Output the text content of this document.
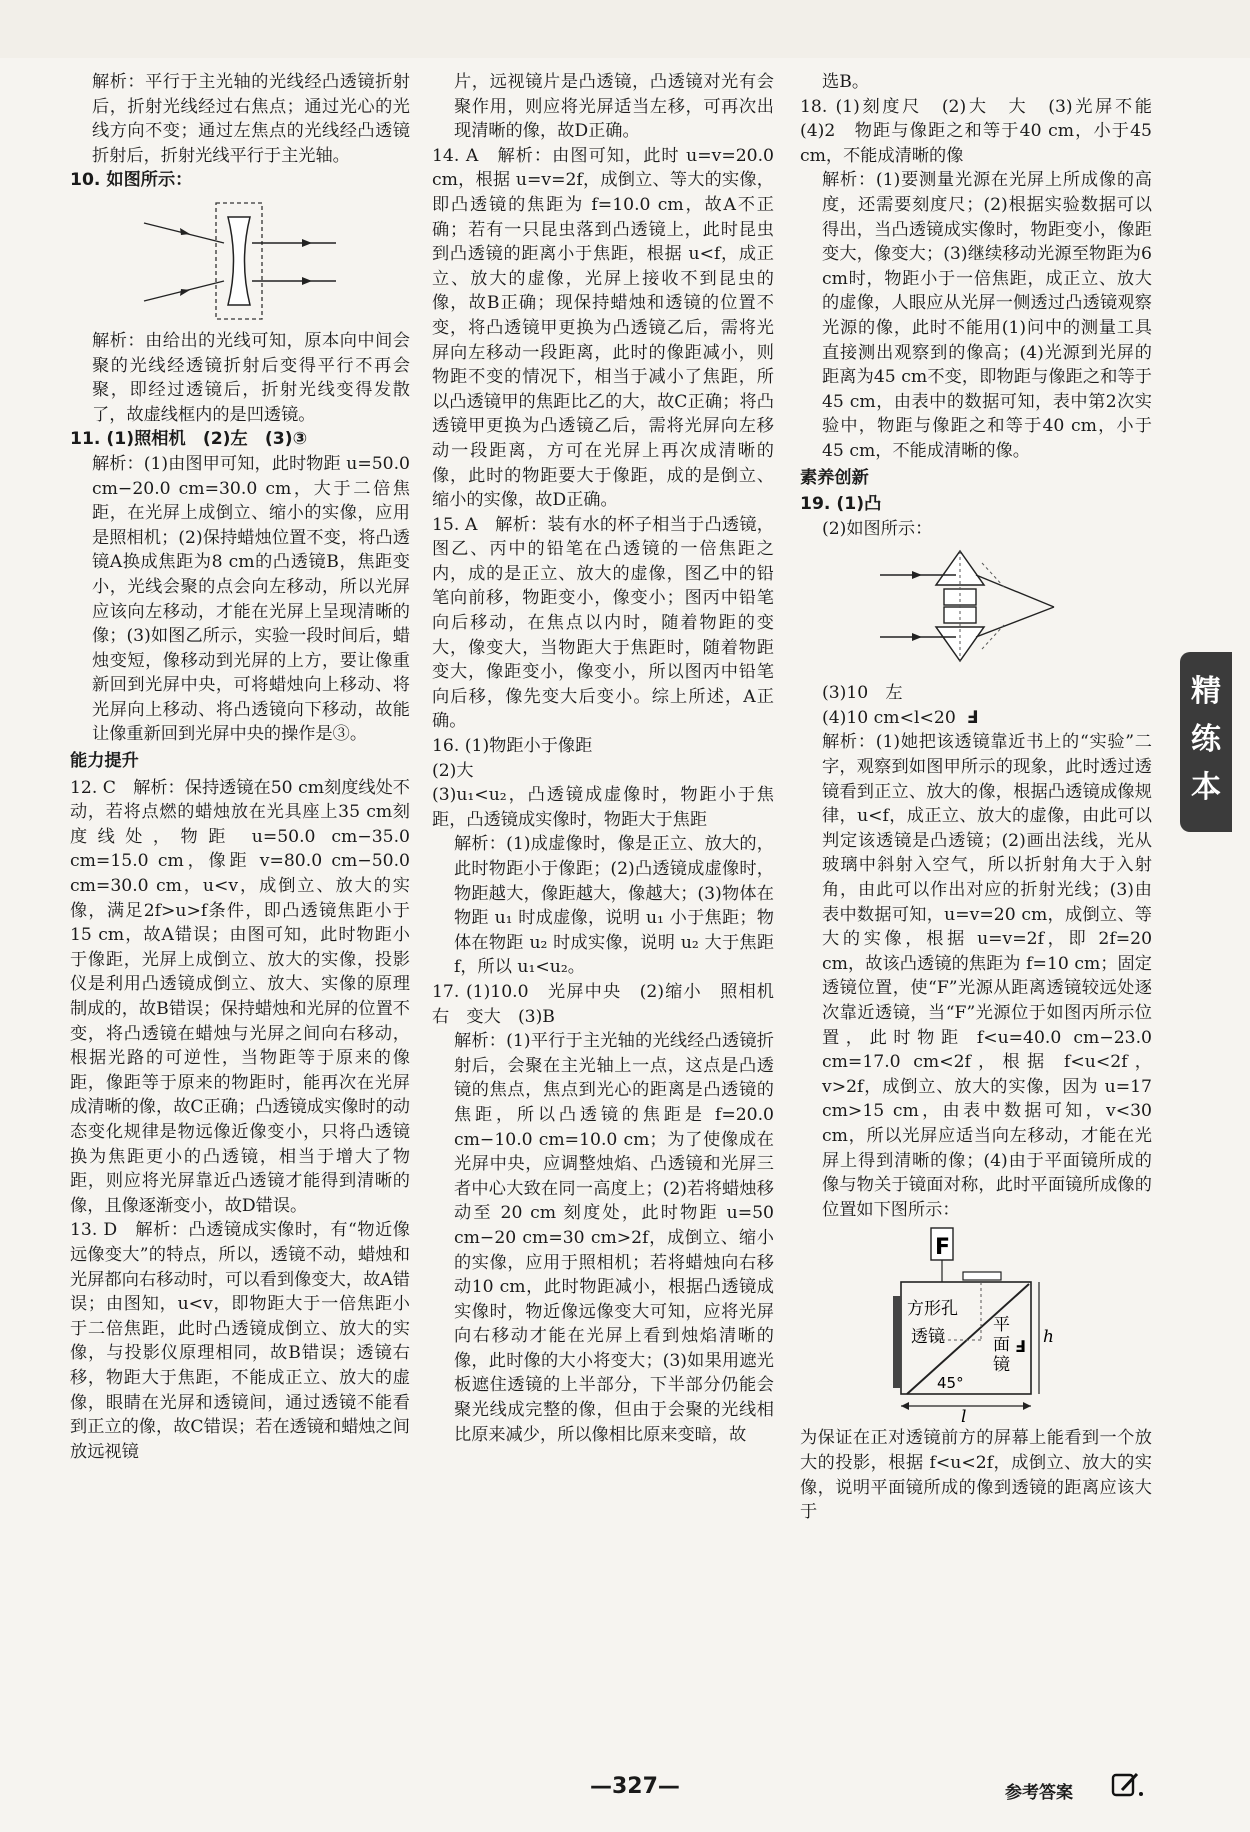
解析：平行于主光轴的光线经凸透镜折射后，折射光线经过右焦点；通过光心的光线方向不变；通过左焦点的光线经凸透镜折射后，折射光线平行于主光轴。

10. 如图所示：

解析：由给出的光线可知，原本向中间会聚的光线经透镜折射后变得平行不再会聚，即经过透镜后，折射光线变得发散了，故虚线框内的是凹透镜。

11. (1)照相机　(2)左　(3)③

解析：(1)由图甲可知，此时物距 u=50.0 cm−20.0 cm=30.0 cm，大于二倍焦距，在光屏上成倒立、缩小的实像，应用是照相机；(2)保持蜡烛位置不变，将凸透镜A换成焦距为8 cm的凸透镜B，焦距变小，光线会聚的点会向左移动，所以光屏应该向左移动，才能在光屏上呈现清晰的像；(3)如图乙所示，实验一段时间后，蜡烛变短，像移动到光屏的上方，要让像重新回到光屏中央，可将蜡烛向上移动、将光屏向上移动、将凸透镜向下移动，故能让像重新回到光屏中央的操作是③。

能力提升

12. C　解析：保持透镜在50 cm刻度线处不动，若将点燃的蜡烛放在光具座上35 cm刻度线处，物距 u=50.0 cm−35.0 cm=15.0 cm，像距 v=80.0 cm−50.0 cm=30.0 cm，u<v，成倒立、放大的实像，满足2f>u>f条件，即凸透镜焦距小于15 cm，故A错误；由图可知，此时物距小于像距，光屏上成倒立、放大的实像，投影仪是利用凸透镜成倒立、放大、实像的原理制成的，故B错误；保持蜡烛和光屏的位置不变，将凸透镜在蜡烛与光屏之间向右移动，根据光路的可逆性，当物距等于原来的像距，像距等于原来的物距时，能再次在光屏成清晰的像，故C正确；凸透镜成实像时的动态变化规律是物远像近像变小，只将凸透镜换为焦距更小的凸透镜，相当于增大了物距，则应将光屏靠近凸透镜才能得到清晰的像，且像逐渐变小，故D错误。

13. D　解析：凸透镜成实像时，有“物近像远像变大”的特点，所以，透镜不动，蜡烛和光屏都向右移动时，可以看到像变大，故A错误；由图知，u<v，即物距大于一倍焦距小于二倍焦距，此时凸透镜成倒立、放大的实像，与投影仪原理相同，故B错误；透镜右移，物距大于焦距，不能成正立、放大的虚像，眼睛在光屏和透镜间，通过透镜不能看到正立的像，故C错误；若在透镜和蜡烛之间放远视镜

片，远视镜片是凸透镜，凸透镜对光有会聚作用，则应将光屏适当左移，可再次出现清晰的像，故D正确。

14. A　解析：由图可知，此时 u=v=20.0 cm，根据 u=v=2f，成倒立、等大的实像，即凸透镜的焦距为 f=10.0 cm，故A不正确；若有一只昆虫落到凸透镜上，此时昆虫到凸透镜的距离小于焦距，根据 u<f，成正立、放大的虚像，光屏上接收不到昆虫的像，故B正确；现保持蜡烛和透镜的位置不变，将凸透镜甲更换为凸透镜乙后，需将光屏向左移动一段距离，此时的像距减小，则物距不变的情况下，相当于减小了焦距，所以凸透镜甲的焦距比乙的大，故C正确；将凸透镜甲更换为凸透镜乙后，需将光屏向左移动一段距离，方可在光屏上再次成清晰的像，此时的物距要大于像距，成的是倒立、缩小的实像，故D正确。

15. A　解析：装有水的杯子相当于凸透镜，图乙、丙中的铅笔在凸透镜的一倍焦距之内，成的是正立、放大的虚像，图乙中的铅笔向前移，物距变小，像变小；图丙中铅笔向后移动，在焦点以内时，随着物距的变大，像变大，当物距大于焦距时，随着物距变大，像距变小，像变小，所以图丙中铅笔向后移，像先变大后变小。综上所述，A正确。

16. (1)物距小于像距
(2)大
(3)u₁<u₂，凸透镜成虚像时，物距小于焦距，凸透镜成实像时，物距大于焦距

解析：(1)成虚像时，像是正立、放大的，此时物距小于像距；(2)凸透镜成虚像时，物距越大，像距越大，像越大；(3)物体在物距 u₁ 时成虚像，说明 u₁ 小于焦距；物体在物距 u₂ 时成实像，说明 u₂ 大于焦距 f，所以 u₁<u₂。

17. (1)10.0　光屏中央　(2)缩小　照相机　右　变大　(3)B

解析：(1)平行于主光轴的光线经凸透镜折射后，会聚在主光轴上一点，这点是凸透镜的焦点，焦点到光心的距离是凸透镜的焦距，所以凸透镜的焦距是 f=20.0 cm−10.0 cm=10.0 cm；为了使像成在光屏中央，应调整烛焰、凸透镜和光屏三者中心大致在同一高度上；(2)若将蜡烛移动至 20 cm 刻度处，此时物距 u=50 cm−20 cm=30 cm>2f，成倒立、缩小的实像，应用于照相机；若将蜡烛向右移动10 cm，此时物距减小，根据凸透镜成实像时，物近像远像变大可知，应将光屏向右移动才能在光屏上看到烛焰清晰的像，此时像的大小将变大；(3)如果用遮光板遮住透镜的上半部分，下半部分仍能会聚光线成完整的像，但由于会聚的光线相比原来减少，所以像相比原来变暗，故

选B。

18. (1)刻度尺　(2)大　大　(3)光屏不能　(4)2　物距与像距之和等于40 cm，小于45 cm，不能成清晰的像

解析：(1)要测量光源在光屏上所成像的高度，还需要刻度尺；(2)根据实验数据可以得出，当凸透镜成实像时，物距变小，像距变大，像变大；(3)继续移动光源至物距为6 cm时，物距小于一倍焦距，成正立、放大的虚像，人眼应从光屏一侧透过凸透镜观察光源的像，此时不能用(1)问中的测量工具直接测出观察到的像高；(4)光源到光屏的距离为45 cm不变，即物距与像距之和等于45 cm，由表中的数据可知，表中第2次实验中，物距与像距之和等于40 cm，小于45 cm，不能成清晰的像。

素养创新

19. (1)凸

(2)如图所示：

(3)10　左

(4)10 cm<l<20 Ⅎ

解析：(1)她把该透镜靠近书上的“实验”二字，观察到如图甲所示的现象，此时透过透镜看到正立、放大的像，根据凸透镜成像规律，u<f，成正立、放大的虚像，由此可以判定该透镜是凸透镜；(2)画出法线，光从玻璃中斜射入空气，所以折射角大于入射角，由此可以作出对应的折射光线；(3)由表中数据可知，u=v=20 cm，成倒立、等大的实像，根据 u=v=2f，即 2f=20 cm，故该凸透镜的焦距为 f=10 cm；固定透镜位置，使“F”光源从距离透镜较远处逐次靠近透镜，当“F”光源位于如图丙所示位置，此时物距 f<u=40.0 cm−23.0 cm=17.0 cm<2f，根据 f<u<2f，v>2f，成倒立、放大的实像，因为 u=17 cm>15 cm，由表中数据可知，v<30 cm，所以光屏应适当向左移动，才能在光屏上得到清晰的像；(4)由于平面镜所成的像与物关于镜面对称，此时平面镜所成像的位置如下图所示：

F
方形孔
透镜
平
面
镜
Ⅎ
45°
h
l

为保证在正对透镜前方的屏幕上能看到一个放大的投影，根据 f<u<2f，成倒立、放大的实像，说明平面镜所成的像到透镜的距离应该大于

精
练
本
—327—	参考答案
